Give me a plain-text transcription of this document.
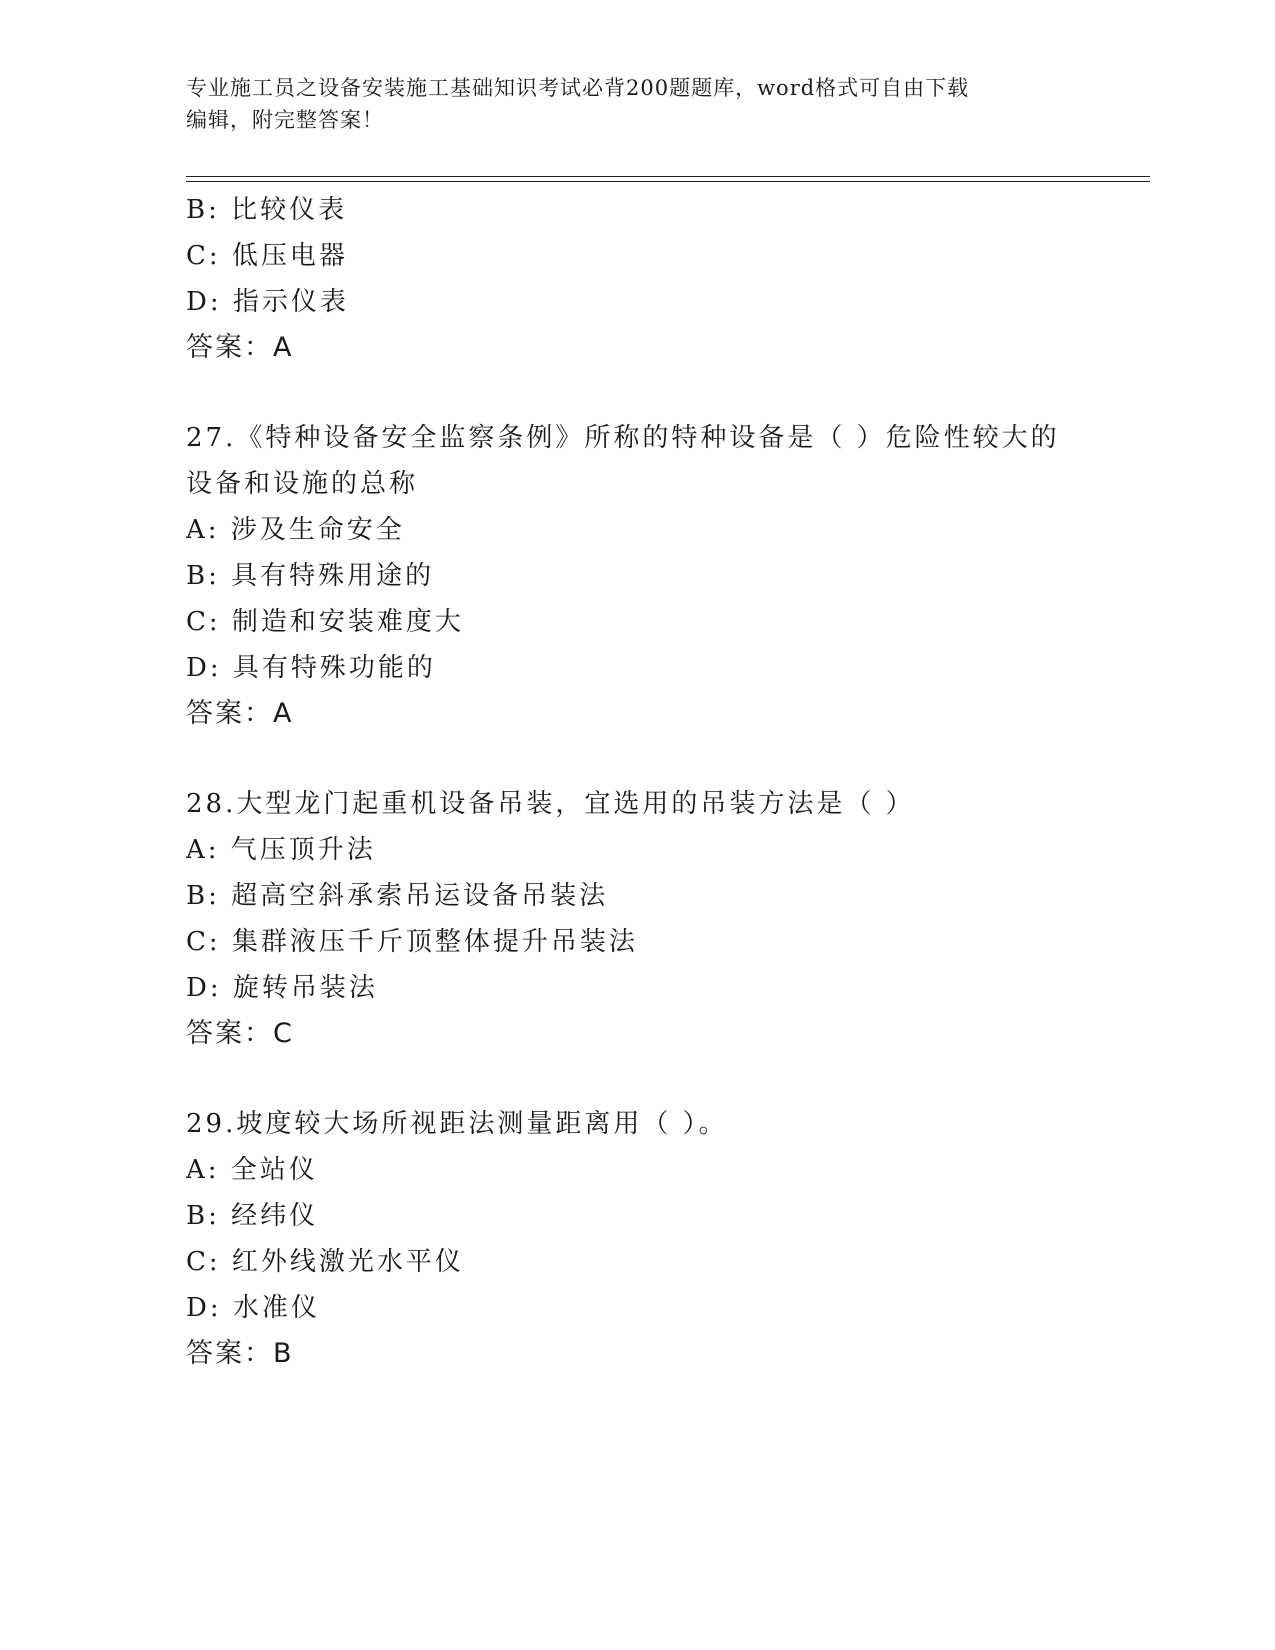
专业施工员之设备安装施工基础知识考试必背200题题库，word格式可自由下载
编辑，附完整答案！
B: 比较仪表
C: 低压电器
D: 指示仪表
答案：A
27.《特种设备安全监察条例》所称的特种设备是（ ）危险性较大的
设备和设施的总称
A: 涉及生命安全
B: 具有特殊用途的
C: 制造和安装难度大
D: 具有特殊功能的
答案：A
28.大型龙门起重机设备吊装，宜选用的吊装方法是（ ）
A: 气压顶升法
B: 超高空斜承索吊运设备吊装法
C: 集群液压千斤顶整体提升吊装法
D: 旋转吊装法
答案：C
29.坡度较大场所视距法测量距离用（ ）。
A: 全站仪
B: 经纬仪
C: 红外线激光水平仪
D: 水准仪
答案：B
